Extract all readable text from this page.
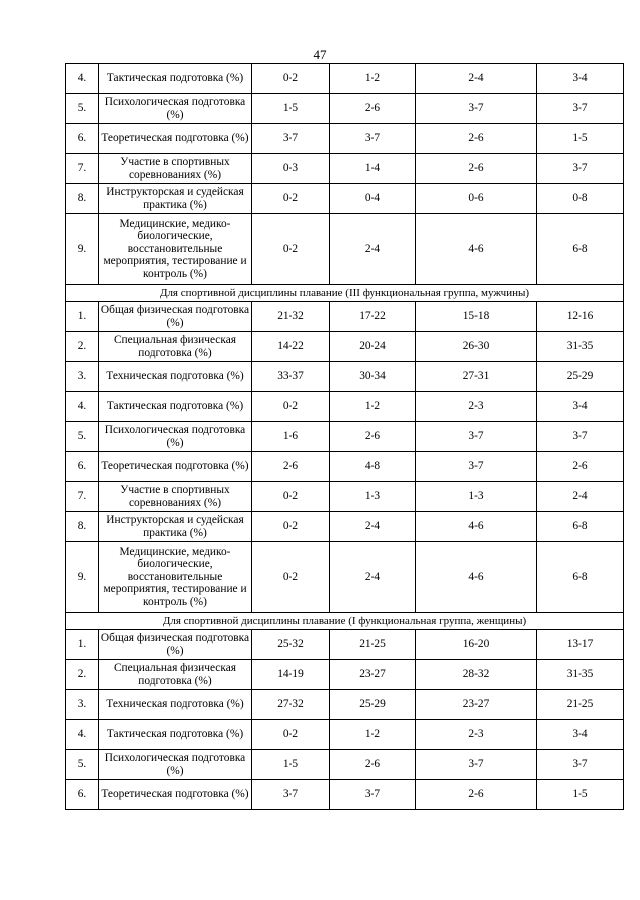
47
4.	Тактическая подготовка (%)	0-2	1-2	2-4	3-4
5.	Психологическая подготовка (%)	1-5	2-6	3-7	3-7
6.	Теоретическая подготовка (%)	3-7	3-7	2-6	1-5
7.	Участие в спортивных соревнованиях (%)	0-3	1-4	2-6	3-7
8.	Инструкторская и судейская практика (%)	0-2	0-4	0-6	0-8
9.	Медицинские, медико-биологические, восстановительные мероприятия, тестирование и контроль (%)	0-2	2-4	4-6	6-8
Для спортивной дисциплины плавание (III функциональная группа, мужчины)					
1.	Общая физическая подготовка (%)	21-32	17-22	15-18	12-16
2.	Специальная физическая подготовка (%)	14-22	20-24	26-30	31-35
3.	Техническая подготовка (%)	33-37	30-34	27-31	25-29
4.	Тактическая подготовка (%)	0-2	1-2	2-3	3-4
5.	Психологическая подготовка (%)	1-6	2-6	3-7	3-7
6.	Теоретическая подготовка (%)	2-6	4-8	3-7	2-6
7.	Участие в спортивных соревнованиях (%)	0-2	1-3	1-3	2-4
8.	Инструкторская и судейская практика (%)	0-2	2-4	4-6	6-8
9.	Медицинские, медико-биологические, восстановительные мероприятия, тестирование и контроль (%)	0-2	2-4	4-6	6-8
Для спортивной дисциплины плавание (I функциональная группа, женщины)					
1.	Общая физическая подготовка (%)	25-32	21-25	16-20	13-17
2.	Специальная физическая подготовка (%)	14-19	23-27	28-32	31-35
3.	Техническая подготовка (%)	27-32	25-29	23-27	21-25
4.	Тактическая подготовка (%)	0-2	1-2	2-3	3-4
5.	Психологическая подготовка (%)	1-5	2-6	3-7	3-7
6.	Теоретическая подготовка (%)	3-7	3-7	2-6	1-5
